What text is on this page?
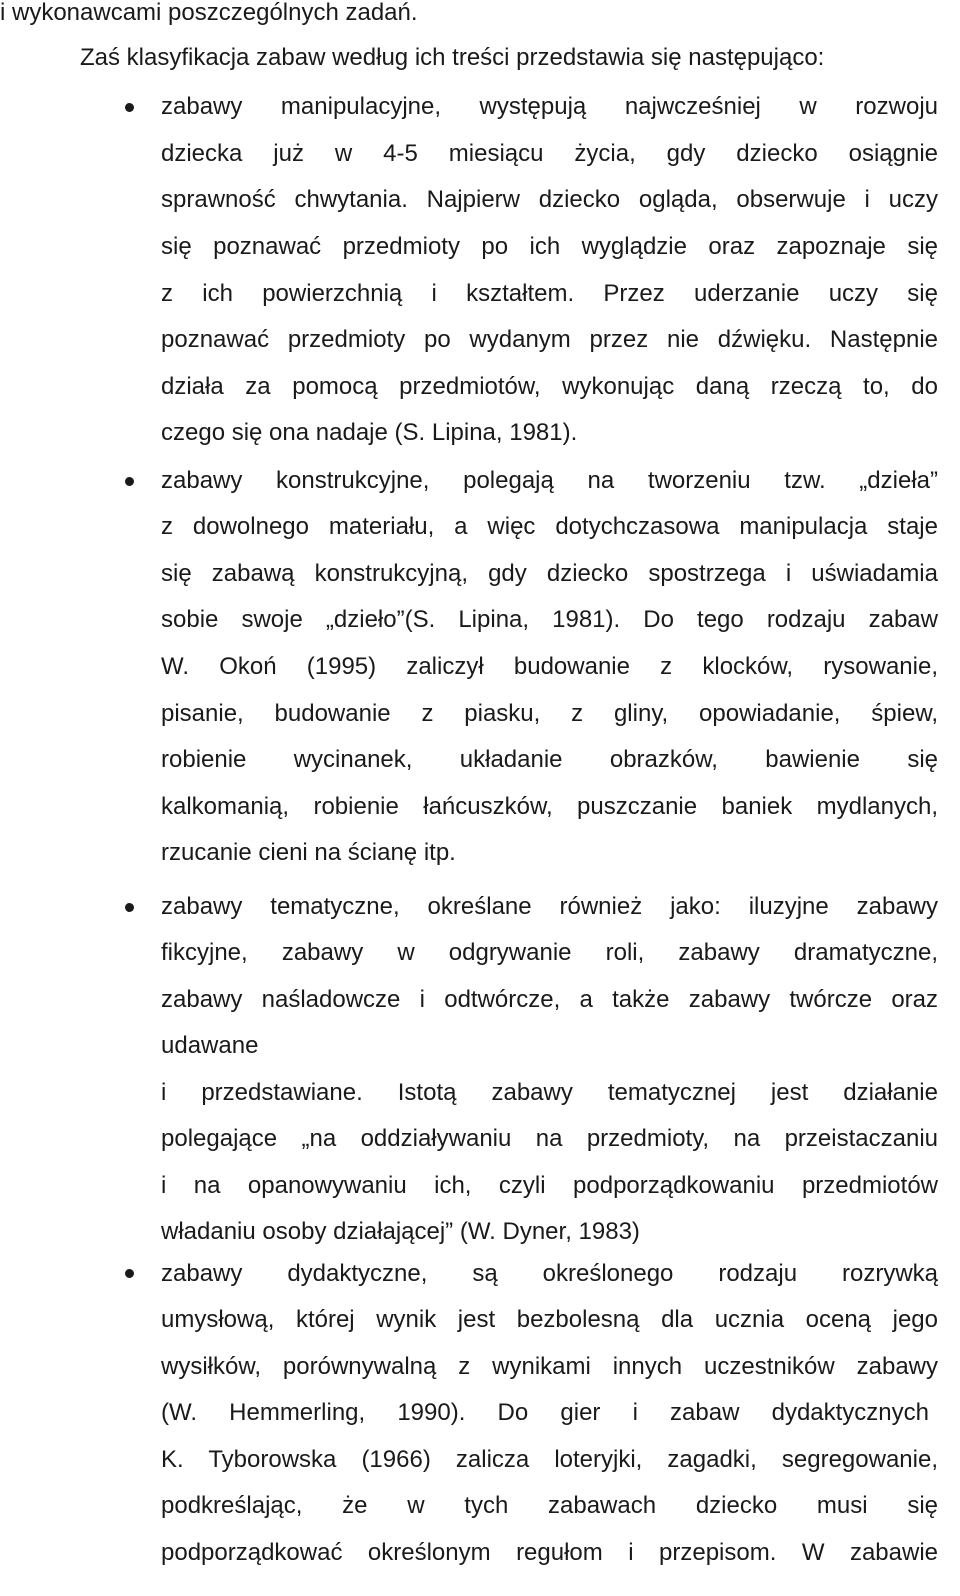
i wykonawcami poszczególnych zadań.
Zaś klasyfikacja zabaw według ich treści przedstawia się następująco:
zabawy manipulacyjne, występują najwcześniej w rozwoju
dziecka już w 4-5 miesiącu życia, gdy dziecko osiągnie
sprawność chwytania. Najpierw dziecko ogląda, obserwuje i uczy
się poznawać przedmioty po ich wyglądzie oraz zapoznaje się
z ich powierzchnią i kształtem. Przez uderzanie uczy się
poznawać przedmioty po wydanym przez nie dźwięku. Następnie
działa za pomocą przedmiotów, wykonując daną rzeczą to, do
czego się ona nadaje (S. Lipina, 1981).
zabawy konstrukcyjne, polegają na tworzeniu tzw. „dzieła”
z dowolnego materiału, a więc dotychczasowa manipulacja staje
się zabawą konstrukcyjną, gdy dziecko spostrzega i uświadamia
sobie swoje „dzieło”(S. Lipina, 1981). Do tego rodzaju zabaw
W. Okoń (1995) zaliczył budowanie z klocków, rysowanie,
pisanie, budowanie z piasku, z gliny, opowiadanie, śpiew,
robienie wycinanek, układanie obrazków, bawienie się
kalkomanią, robienie łańcuszków, puszczanie baniek mydlanych,
rzucanie cieni na ścianę itp.
zabawy tematyczne, określane również jako: iluzyjne zabawy
fikcyjne, zabawy w odgrywanie roli, zabawy dramatyczne,
zabawy naśladowcze i odtwórcze, a także zabawy twórcze oraz
udawane
i przedstawiane. Istotą zabawy tematycznej jest działanie
polegające „na oddziaływaniu na przedmioty, na przeistaczaniu
i na opanowywaniu ich, czyli podporządkowaniu przedmiotów
władaniu osoby działającej” (W. Dyner, 1983)
zabawy dydaktyczne, są określonego rodzaju rozrywką
umysłową, której wynik jest bezbolesną dla ucznia oceną jego
wysiłków, porównywalną z wynikami innych uczestników zabawy
(W. Hemmerling, 1990). Do gier i zabaw dydaktycznych
K. Tyborowska (1966) zalicza loteryjki, zagadki, segregowanie,
podkreślając, że w tych zabawach dziecko musi się
podporządkować określonym regułom i przepisom. W zabawie
